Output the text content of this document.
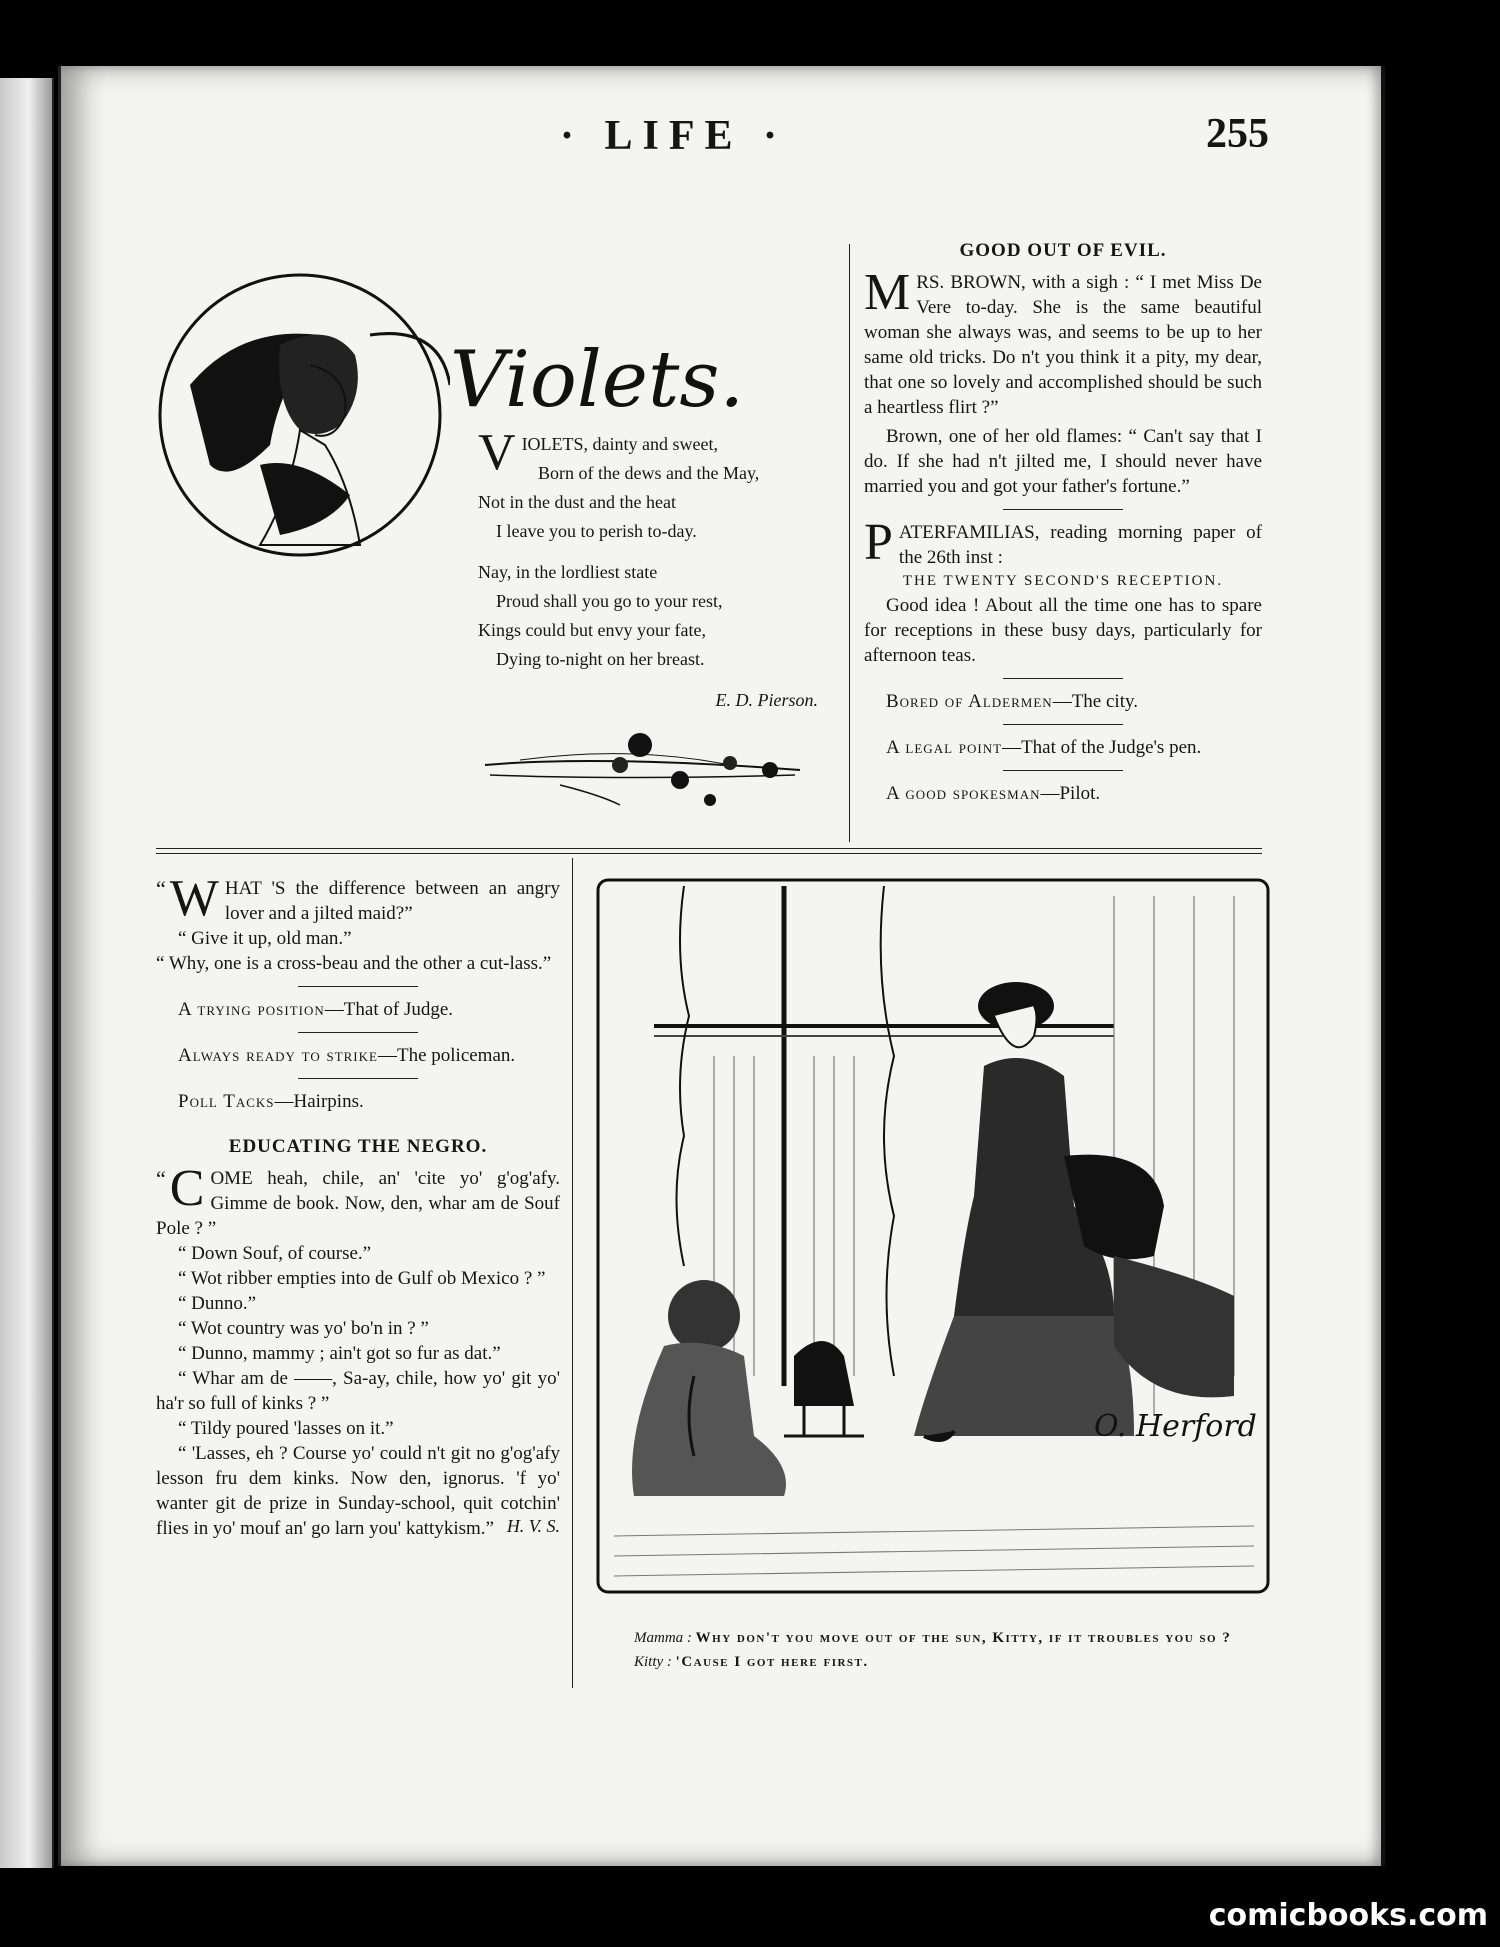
· LIFE ·	255
Violets.
V IOLETS, dainty and sweet,
Born of the dews and the May,
Not in the dust and the heat
I leave you to perish to-day.
Nay, in the lordliest state
Proud shall you go to your rest,
Kings could but envy your fate,
Dying to-night on her breast.
E. D. Pierson.
GOOD OUT OF EVIL.
MRS. BROWN, with a sigh : “ I met Miss De Vere to-day. She is the same beautiful woman she always was, and seems to be up to her same old tricks. Do n't you think it a pity, my dear, that one so lovely and accomplished should be such a heartless flirt ?”

Brown, one of her old flames: “ Can't say that I do. If she had n't jilted me, I should never have married you and got your father's fortune.”

PATERFAMILIAS, reading morning paper of the 26th inst :
THE TWENTY SECOND'S RECEPTION.

Good idea ! About all the time one has to spare for receptions in these busy days, particularly for afternoon teas.

Bored of Aldermen—The city.

A legal point—That of the Judge's pen.

A good spokesman—Pilot.

“ W HAT 'S the difference between an angry lover and a jilted maid?”

“ Give it up, old man.”

“ Why, one is a cross-beau and the other a cut-lass.”

A trying position—That of Judge.

Always ready to strike—The policeman.

Poll Tacks—Hairpins.

EDUCATING THE NEGRO.
“ C OME heah, chile, an' 'cite yo' g'og'afy. Gimme de book. Now, den, whar am de Souf Pole ? ”

“ Down Souf, of course.”

“ Wot ribber empties into de Gulf ob Mexico ? ”

“ Dunno.”

“ Wot country was yo' bo'n in ? ”

“ Dunno, mammy ; ain't got so fur as dat.”

“ Whar am de ——, Sa-ay, chile, how yo' git yo' ha'r so full of kinks ? ”

“ Tildy poured 'lasses on it.”

“ 'Lasses, eh ? Course yo' could n't git no g'og'afy lesson fru dem kinks. Now den, ignorus. 'f yo' wanter git de prize in Sunday-school, quit cotchin' flies in yo' mouf an' go larn you' kattykism.” H. V. S.
O. Herford
Mamma : Why don't you move out of the sun, Kitty, if it troubles you so ?
Kitty : 'Cause I got here first.
comicbooks.com
